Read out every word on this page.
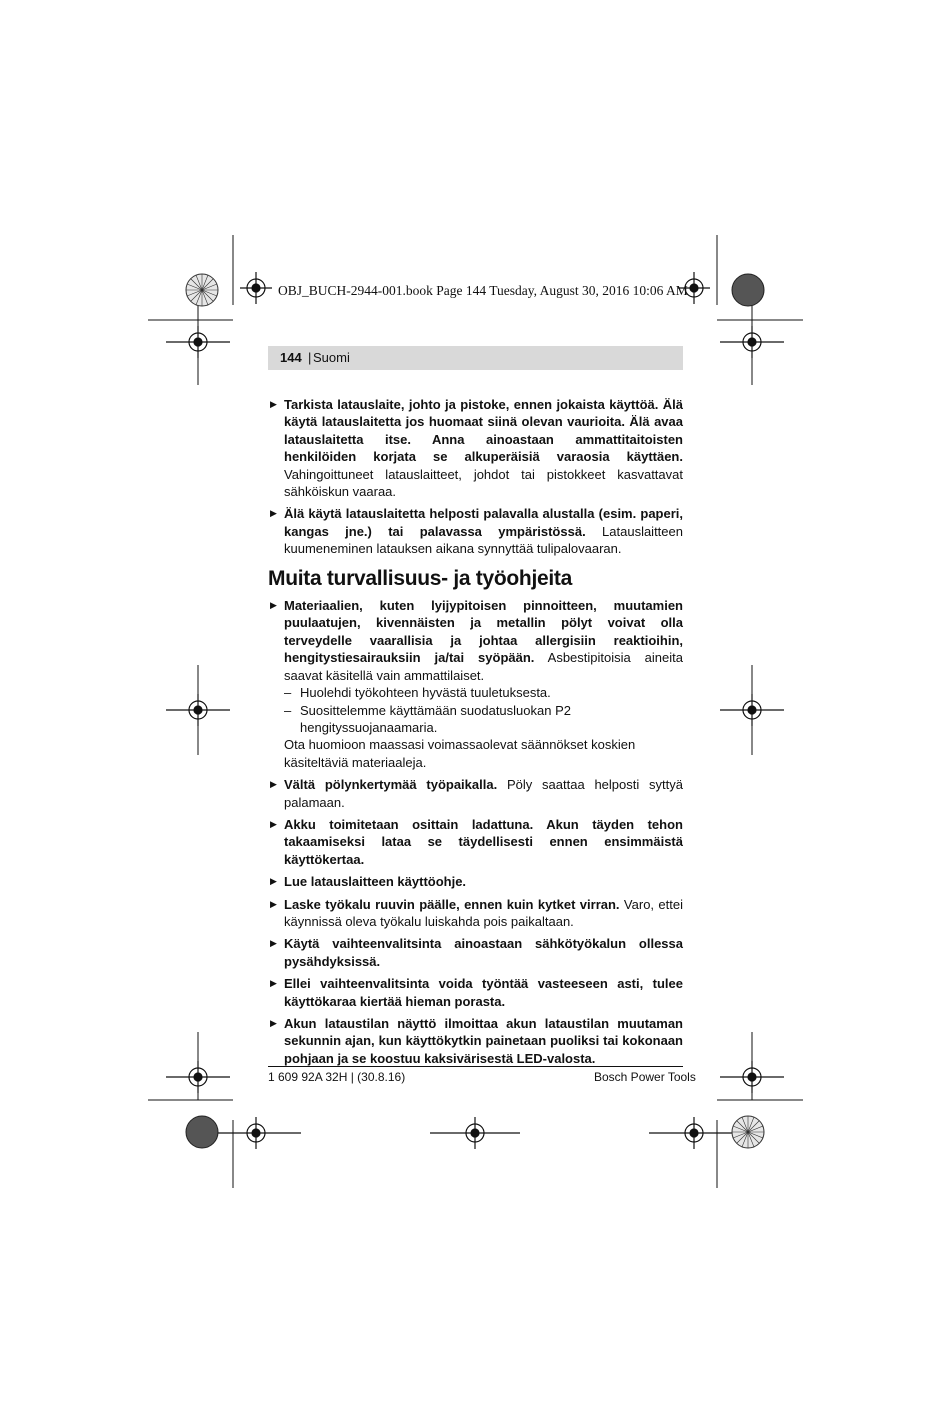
OBJ_BUCH-2944-001.book Page 144 Tuesday, August 30, 2016 10:06 AM
144 | Suomi

▶ Tarkista latauslaite, johto ja pistoke, ennen jokaista käyttöä. Älä käytä latauslaitetta jos huomaat siinä olevan vaurioita. Älä avaa latauslaitetta itse. Anna ainoastaan ammattitaitoisten henkilöiden korjata se alkuperäisiä varaosia käyttäen. Vahingoittuneet latauslaitteet, johdot tai pistokkeet kasvattavat sähköiskun vaaraa.

▶ Älä käytä latauslaitetta helposti palavalla alustalla (esim. paperi, kangas jne.) tai palavassa ympäristössä. Latauslaitteen kuumeneminen latauksen aikana synnyttää tulipalovaaran.

Muita turvallisuus- ja työohjeita

▶ Materiaalien, kuten lyijypitoisen pinnoitteen, muutamien puulaatujen, kivennäisten ja metallin pölyt voivat olla terveydelle vaarallisia ja johtaa allergisiin reaktioihin, hengitystiesairauksiin ja/tai syöpään. Asbestipitoisia aineita saavat käsitellä vain ammattilaiset.

– Huolehdi työkohteen hyvästä tuuletuksesta.

– Suosittelemme käyttämään suodatusluokan P2 hengityssuojanaamaria.

Ota huomioon maassasi voimassaolevat säännökset koskien käsiteltäviä materiaaleja.

▶ Vältä pölynkertymää työpaikalla. Pöly saattaa helposti syttyä palamaan.

▶ Akku toimitetaan osittain ladattuna. Akun täyden tehon takaamiseksi lataa se täydellisesti ennen ensimmäistä käyttökertaa.

▶ Lue latauslaitteen käyttöohje.

▶ Laske työkalu ruuvin päälle, ennen kuin kytket virran. Varo, ettei käynnissä oleva työkalu luiskahda pois paikaltaan.

▶ Käytä vaihteenvalitsinta ainoastaan sähkötyökalun ollessa pysähdyksissä.

▶ Ellei vaihteenvalitsinta voida työntää vasteeseen asti, tulee käyttökaraa kiertää hieman porasta.

▶ Akun lataustilan näyttö ilmoittaa akun lataustilan muutaman sekunnin ajan, kun käyttökytkin painetaan puoliksi tai kokonaan pohjaan ja se koostuu kaksivärisestä LED-valosta.

1 609 92A 32H | (30.8.16)	Bosch Power Tools
